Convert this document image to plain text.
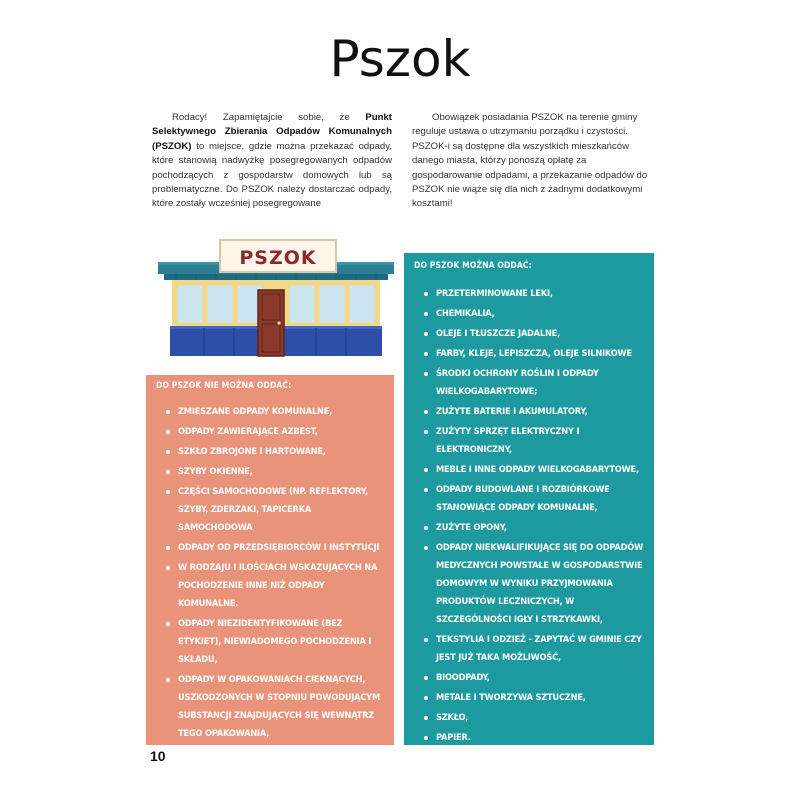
Pszok

Rodacy! Zapamiętajcie sobie, że Punkt Selektywnego Zbierania Odpadów Komunalnych (PSZOK) to miejsce, gdzie można przekazać odpady, które stanowią nadwyżkę posegregowanych odpadów pochodzących z gospodarstw domowych lub są problematyczne. Do PSZOK należy dostarczać odpady, które zostały wcześniej posegregowane

Obowiązek posiadania PSZOK na terenie gminy reguluje ustawa o utrzymaniu porządku i czystości. PSZOK-i są dostępne dla wszystkich mieszkańców danego miasta, którzy ponoszą opłatę za gospodarowanie odpadami, a przekazanie odpadów do PSZOK nie wiąże się dla nich z żadnymi dodatkowymi kosztami!

PSZOK	DO PSZOK MOŻNA ODDAĆ:
PRZETERMINOWANE LEKI,
CHEMIKALIA,
OLEJE I TŁUSZCZE JADALNE,
FARBY, KLEJE, LEPISZCZA, OLEJE SILNIKOWE
ŚRODKI OCHRONY ROŚLIN I ODPADY WIELKOGABARYTOWE;
ZUŻYTE BATERIE I AKUMULATORY,
ZUŻYTY SPRZĘT ELEKTRYCZNY I ELEKTRONICZNY,
MEBLE I INNE ODPADY WIELKOGABARYTOWE,
ODPADY BUDOWLANE I ROZBIÓRKOWE STANOWIĄCE ODPADY KOMUNALNE,
ZUŻYTE OPONY,
ODPADY NIEKWALIFIKUJĄCE SIĘ DO ODPADÓW MEDYCZNYCH POWSTAŁE W GOSPODARSTWIE DOMOWYM W WYNIKU PRZYJMOWANIA PRODUKTÓW LECZNICZYCH, W SZCZEGÓLNOŚCI IGŁY I STRZYKAWKI,
TEKSTYLIA I ODZIEŻ - ZAPYTAĆ W GMINIE CZY JEST JUŻ TAKA MOŻLIWOŚĆ,
BIOODPADY,
METALE I TWORZYWA SZTUCZNE,
SZKŁO,
PAPIER.
DO PSZOK NIE MOŻNA ODDAĆ:
ZMIESZANE ODPADY KOMUNALNE,
ODPADY ZAWIERAJĄCE AZBEST,
SZKŁO ZBROJONE I HARTOWANE,
SZYBY OKIENNE,
CZĘŚCI SAMOCHODOWE (NP. REFLEKTORY, SZYBY, ZDERZAKI, TAPICERKA SAMOCHODOWA
ODPADY OD PRZEDSIĘBIORCÓW I INSTYTUCJI
W RODZAJU I ILOŚCIACH WSKAZUJĄCYCH NA POCHODZENIE INNE NIŻ ODPADY KOMUNALNE.
ODPADY NIEZIDENTYFIKOWANE (BEZ ETYKIET), NIEWIADOMEGO POCHODZENIA I SKŁADU,
ODPADY W OPAKOWANIACH CIEKNĄCYCH, USZKODZONYCH W STOPNIU POWODUJĄCYM SUBSTANCJI ZNAJDUJĄCYCH SIĘ WEWNĄTRZ TEGO OPAKOWANIA,
ODPADY POPRODUKCYJNE,
OPONY Z POJAZDÓW CIĘŻAROWYCH, TRYCZNE-GO I ELEKTRONICZNEGO).
10
